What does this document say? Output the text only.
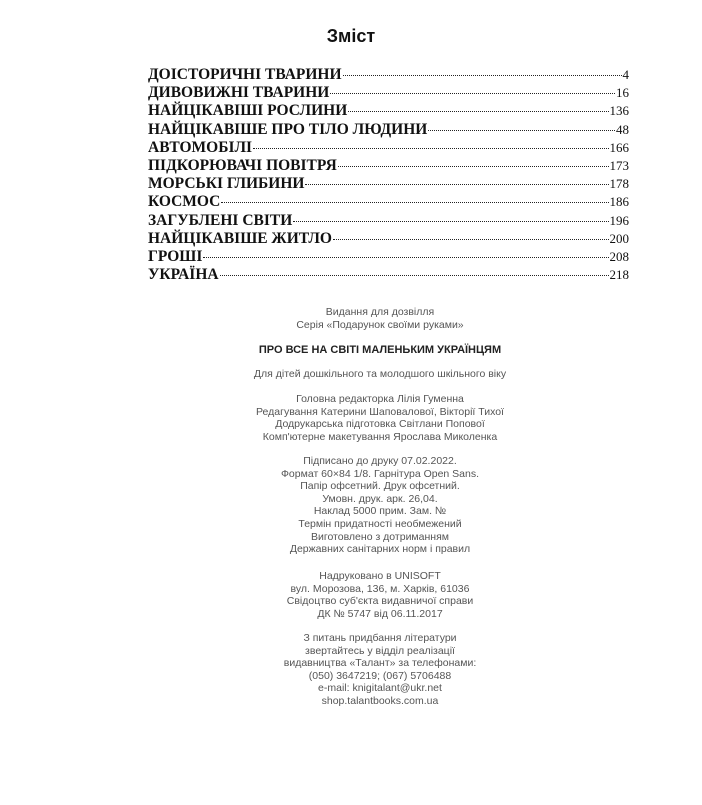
Зміст
ДОІСТОРИЧНІ ТВАРИНИ	4
ДИВОВИЖНІ ТВАРИНИ	16
НАЙЦІКАВІШІ РОСЛИНИ	136
НАЙЦІКАВІШЕ ПРО ТІЛО ЛЮДИНИ	48
АВТОМОБІЛІ	166
ПІДКОРЮВАЧІ ПОВІТРЯ	173
МОРСЬКІ ГЛИБИНИ	178
КОСМОС	186
ЗАГУБЛЕНІ СВІТИ	196
НАЙЦІКАВІШЕ ЖИТЛО	200
ГРОШІ	208
УКРАЇНА	218
Видання для дозвілля
Серія «Подарунок своїми руками»
ПРО ВСЕ НА СВІТІ МАЛЕНЬКИМ УКРАЇНЦЯМ
Для дітей дошкільного та молодшого шкільного віку
Головна редакторка Лілія Гуменна
Редагування Катерини Шаповалової, Вікторії Тихої
Додрукарська підготовка Світлани Попової
Комп'ютерне макетування Ярослава Миколенка
Підписано до друку 07.02.2022.
Формат 60×84 1/8. Гарнітура Open Sans.
Папір офсетний. Друк офсетний.
Умовн. друк. арк. 26,04.
Наклад 5000 прим. Зам. №
Термін придатності необмежений
Виготовлено з дотриманням
Державних санітарних норм і правил
Надруковано в UNISOFT
вул. Морозова, 136, м. Харків, 61036
Свідоцтво суб'єкта видавничої справи
ДК № 5747 від 06.11.2017
З питань придбання літератури
звертайтесь у відділ реалізації
видавництва «Талант» за телефонами:
(050) 3647219; (067) 5706488
e-mail: knigitalant@ukr.net
shop.talantbooks.com.ua
